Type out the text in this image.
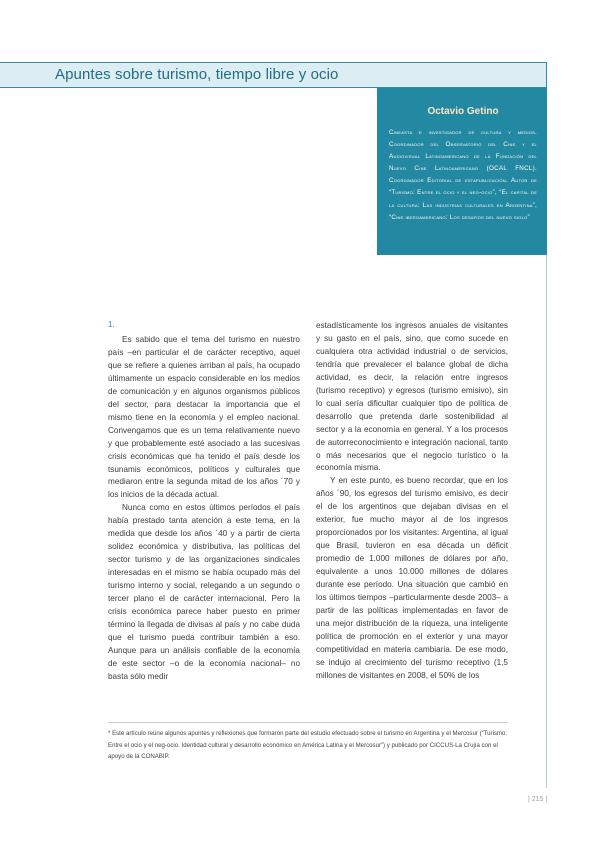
Apuntes sobre turismo, tiempo libre y ocio
Octavio Getino
Cineasta e investigador de cultura y medios. Coordinador del Observatorio del Cine y el Audiovisual Latinoamericano de la Fundación del Nuevo Cine Latinoamericano (OCAL FNCL). Coordinador Editorial de estapublicación. Autor de “Turismo: Entre el ocio y el neg-ocio”, “El capital de la cultura: Las industrias culturales en Argentina”, “Cine iberoamericano: Los desafíos del nuevo siglo”
1.

Es sabido que el tema del turismo en nuestro país –en particular el de carácter receptivo, aquel que se refiere a quienes arriban al país, ha ocupado últimamente un espacio considerable en los medios de comunicación y en algunos organismos públicos del sector, para destacar la importancia que el mismo tiene en la economía y el empleo nacional. Convengamos que es un tema relativamente nuevo y que probablemente esté asociado a las sucesivas crisis económicas que ha tenido el país desde los tsunamis económicos, políticos y culturales que mediaron entre la segunda mitad de los años ´70 y los inicios de la década actual.

Nunca como en estos últimos períodos el país había prestado tanta atención a este tema, en la medida que desde los años ´40 y a partir de cierta solidez económica y distributiva, las políticas del sector turismo y de las organizaciones sindicales interesadas en el mismo se había ocupado más del turismo interno y social, relegando a un segundo o tercer plano el de carácter internacional. Pero la crisis económica parece haber puesto en primer término la llegada de divisas al país y no cabe duda que el turismo pueda contribuir también a eso. Aunque para un análisis confiable de la economía de este sector –o de la economía nacional– no basta sólo medir

estadísticamente los ingresos anuales de visitantes y su gasto en el país, sino, que como sucede en cualquiera otra actividad industrial o de servicios, tendría que prevalecer el balance global de dicha actividad, es decir, la relación entre ingresos (turismo receptivo) y egresos (turismo emisivo), sin lo cual sería dificultar cualquier tipo de política de desarrollo que pretenda darle sostenibilidad al sector y a la economía en general. Y a los procesos de autorreconocimiento e integración nacional, tanto o más necesarios que el negocio turístico o la economía misma.

Y en este punto, es bueno recordar, que en los años ´90, los egresos del turismo emisivo, es decir el de los argentinos que dejaban divisas en el exterior, fue mucho mayor al de los ingresos proporcionados por los visitantes: Argentina, al igual que Brasil, tuvieron en esa década un déficit promedio de 1.000 millones de dólares por año, equivalente a unos 10.000 millones de dólares durante ese período. Una situación que cambió en los últimos tiempos –particularmente desde 2003– a partir de las políticas implementadas en favor de una mejor distribución de la riqueza, una inteligente política de promoción en el exterior y una mayor competitividad en materia cambiaria. De ese modo, se indujo al crecimiento del turismo receptivo (1,5 millones de visitantes en 2008, el 50% de los

* Este artículo reúne algunos apuntes y reflexiones que formaron parte del estudio efectuado sobre el turismo en Argentina y el Mercosur (“Turismo: Entre el ocio y el neg-ocio. Identidad cultural y desarrollo económico en América Latina y el Mercosur”) y publicado por CICCUS-La Crujía con el apoyo de la CONABIP.
| 215 |
